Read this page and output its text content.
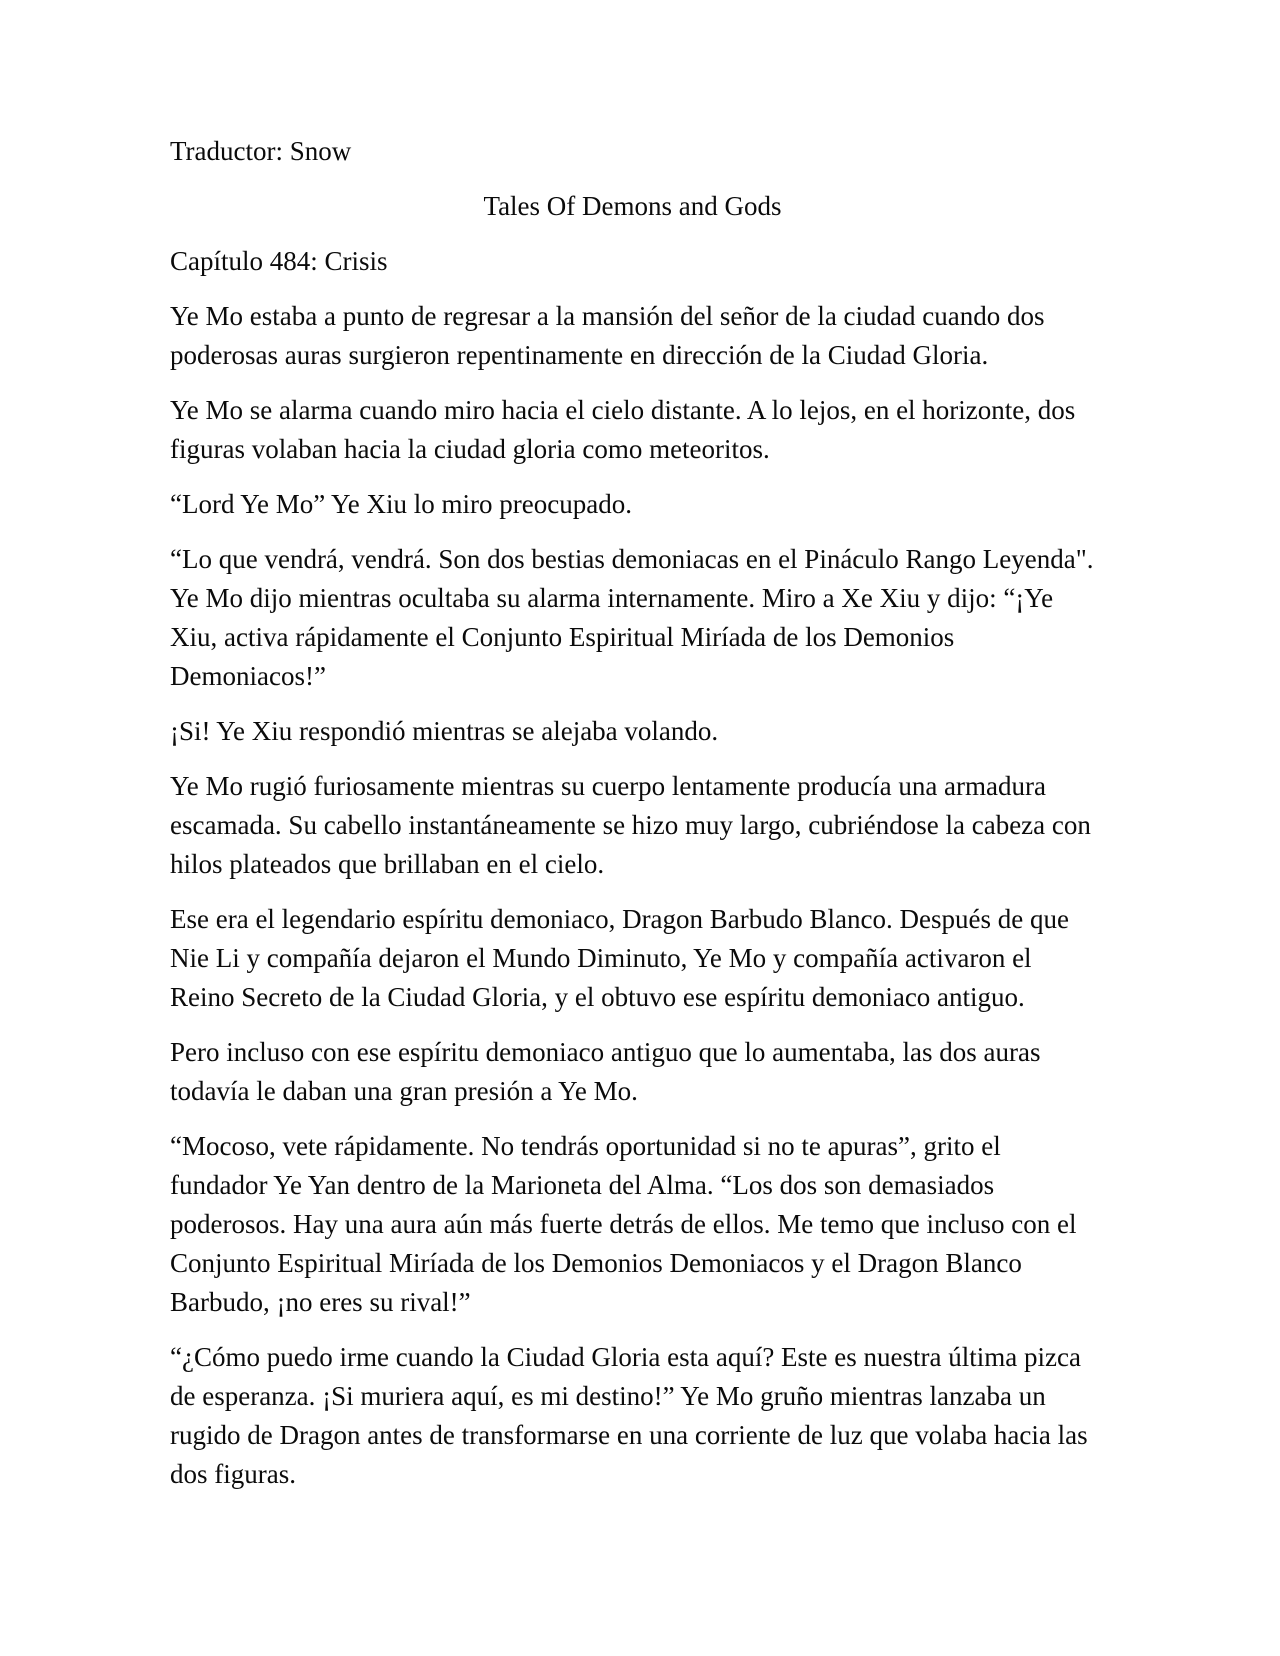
Traductor: Snow

Tales Of Demons and Gods

Capítulo 484: Crisis

Ye Mo estaba a punto de regresar a la mansión del señor de la ciudad cuando dos poderosas auras surgieron repentinamente en dirección de la Ciudad Gloria.

Ye Mo se alarma cuando miro hacia el cielo distante. A lo lejos, en el horizonte, dos figuras volaban hacia la ciudad gloria como meteoritos.

“Lord Ye Mo” Ye Xiu lo miro preocupado.

“Lo que vendrá, vendrá. Son dos bestias demoniacas en el Pináculo Rango Leyenda". Ye Mo dijo mientras ocultaba su alarma internamente. Miro a Xe Xiu y dijo: “¡Ye Xiu, activa rápidamente el Conjunto Espiritual Miríada de los Demonios Demoniacos!”

¡Si! Ye Xiu respondió mientras se alejaba volando.

Ye Mo rugió furiosamente mientras su cuerpo lentamente producía una armadura escamada. Su cabello instantáneamente se hizo muy largo, cubriéndose la cabeza con hilos plateados que brillaban en el cielo.

Ese era el legendario espíritu demoniaco, Dragon Barbudo Blanco. Después de que Nie Li y compañía dejaron el Mundo Diminuto, Ye Mo y compañía activaron el Reino Secreto de la Ciudad Gloria, y el obtuvo ese espíritu demoniaco antiguo.

Pero incluso con ese espíritu demoniaco antiguo que lo aumentaba, las dos auras todavía le daban una gran presión a Ye Mo.

“Mocoso, vete rápidamente. No tendrás oportunidad si no te apuras”, grito el fundador Ye Yan dentro de la Marioneta del Alma. “Los dos son demasiados poderosos. Hay una aura aún más fuerte detrás de ellos. Me temo que incluso con el Conjunto Espiritual Miríada de los Demonios Demoniacos y el Dragon Blanco Barbudo, ¡no eres su rival!”

“¿Cómo puedo irme cuando la Ciudad Gloria esta aquí? Este es nuestra última pizca de esperanza. ¡Si muriera aquí, es mi destino!” Ye Mo gruño mientras lanzaba un rugido de Dragon antes de transformarse en una corriente de luz que volaba hacia las dos figuras.
